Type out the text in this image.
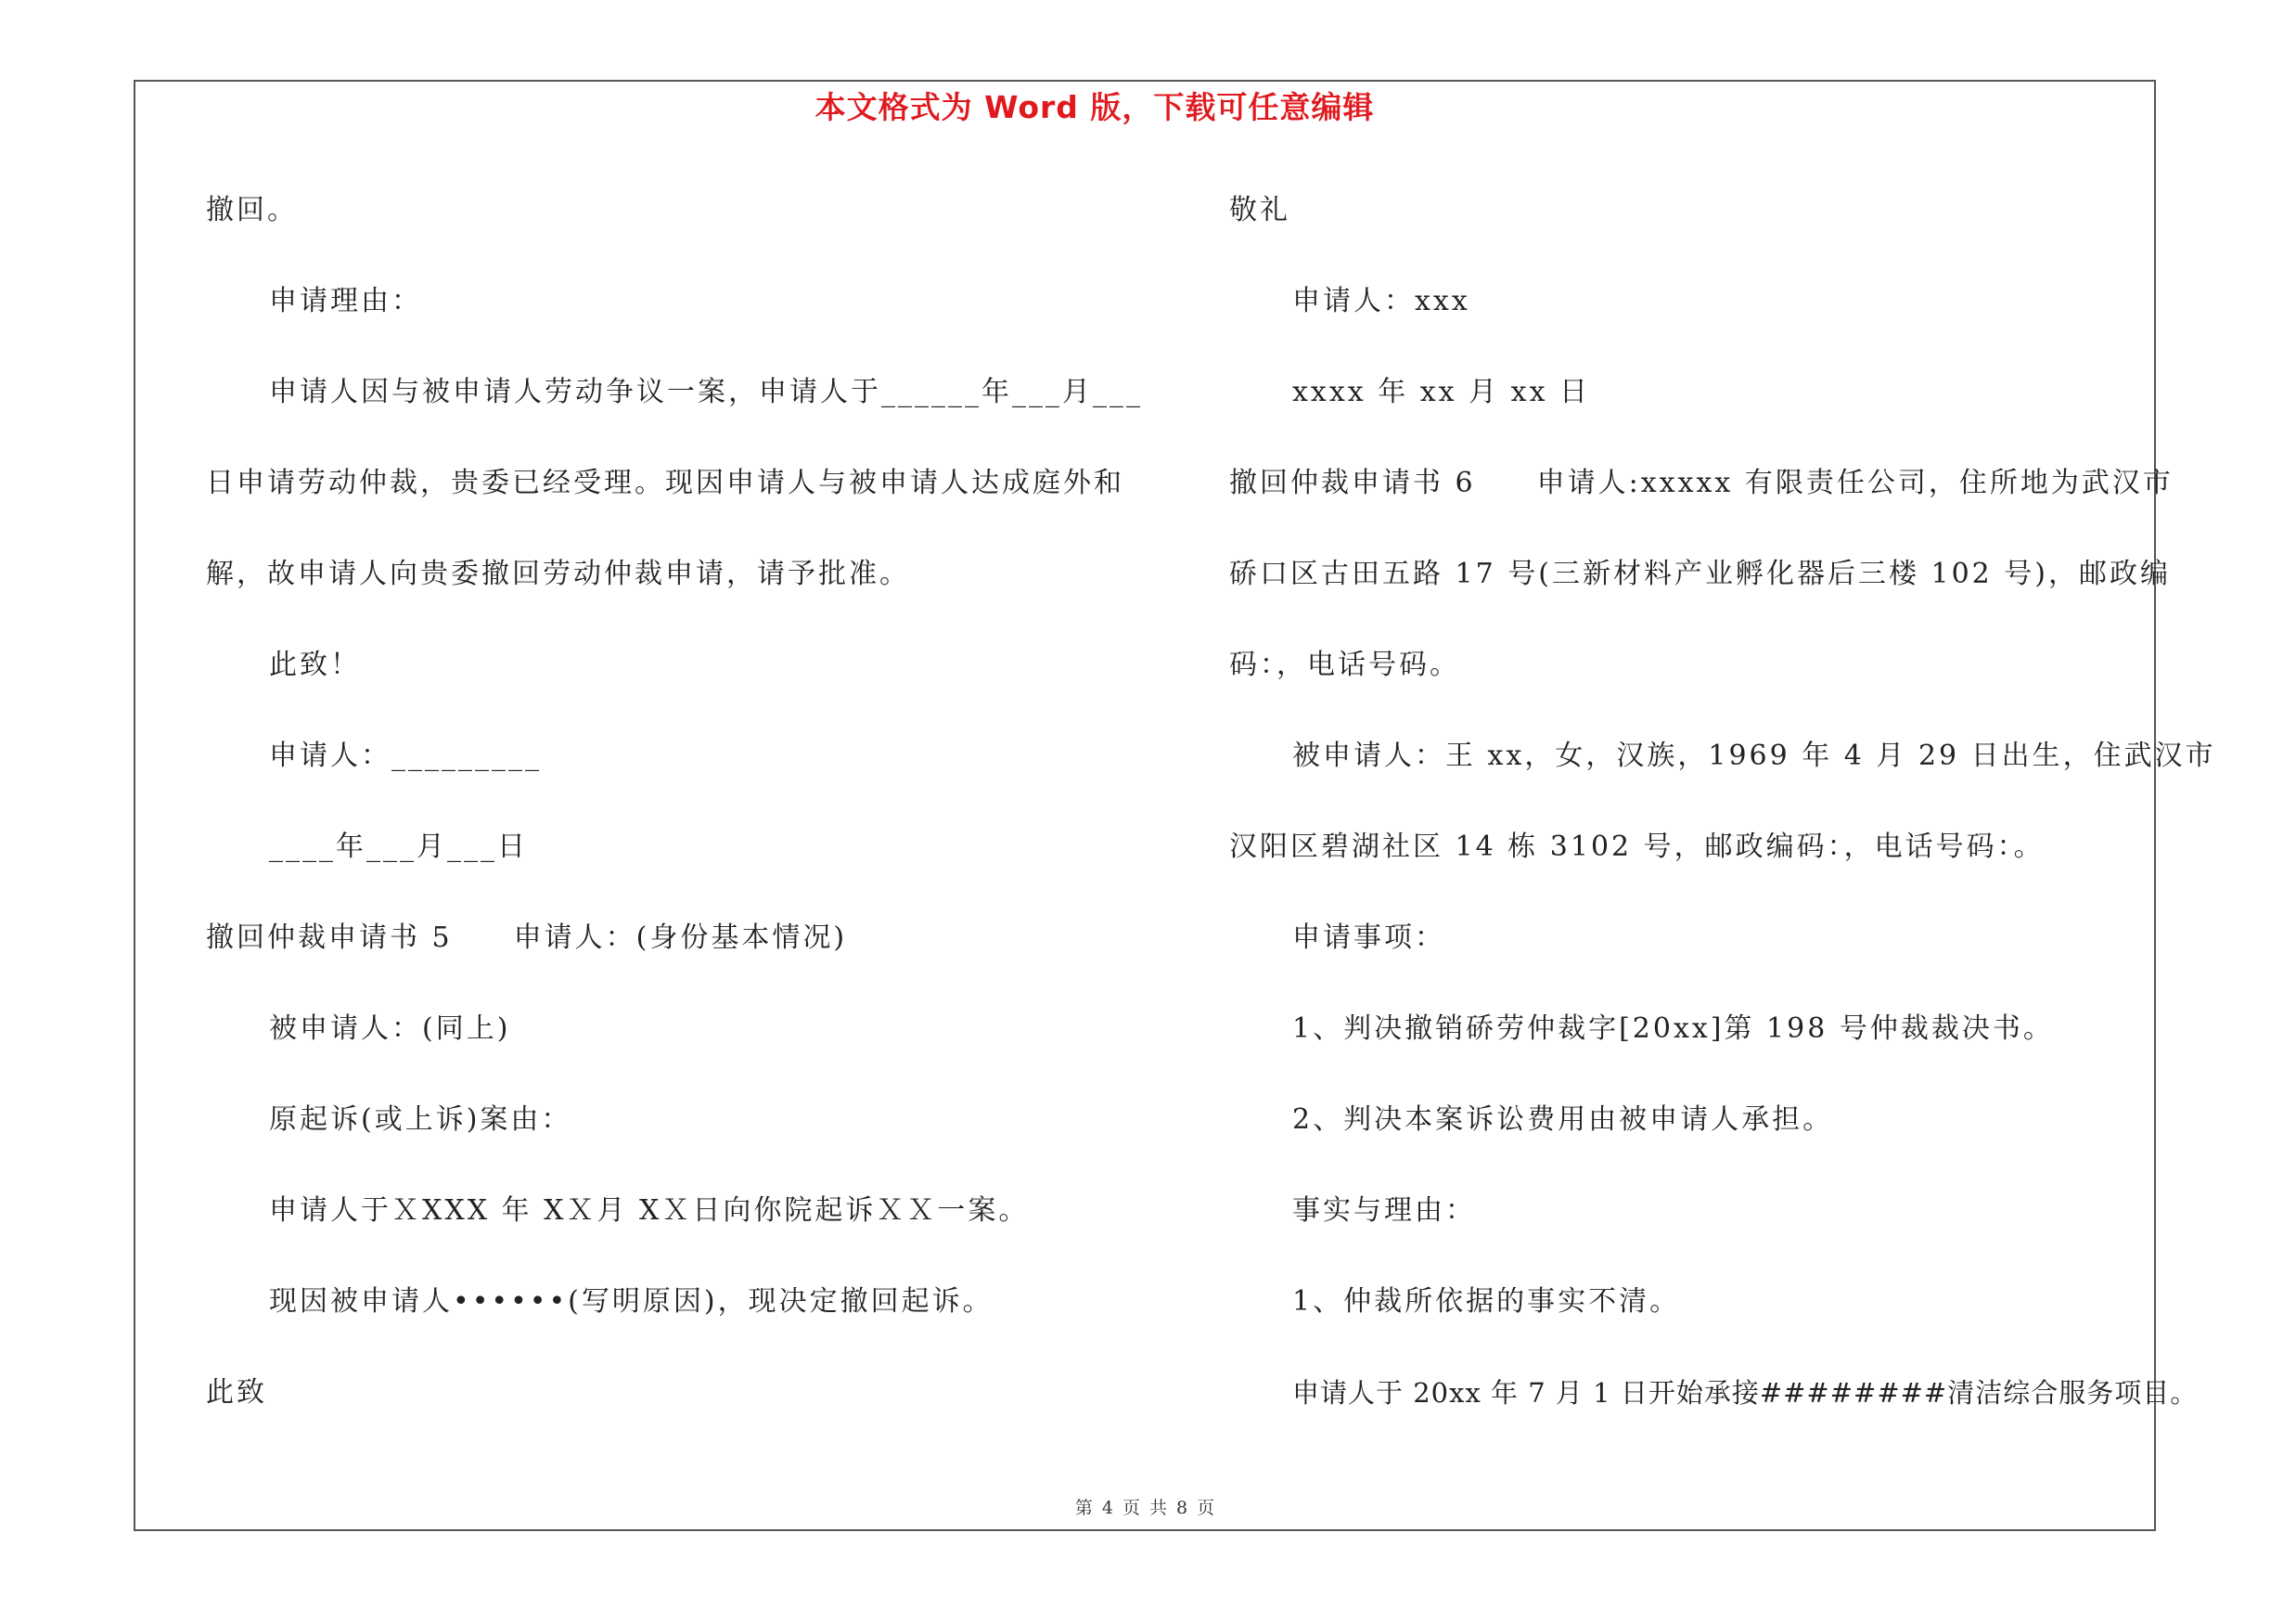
本文格式为 Word 版，下载可任意编辑
撤回。
申请理由：
申请人因与被申请人劳动争议一案，申请人于______年___月___
日申请劳动仲裁，贵委已经受理。现因申请人与被申请人达成庭外和
解，故申请人向贵委撤回劳动仲裁申请，请予批准。
此致！
申请人：_________
____年___月___日
撤回仲裁申请书 5　　申请人：(身份基本情况)
被申请人：(同上)
原起诉(或上诉)案由：
申请人于ＸXXX 年 XＸ月 XＸ日向你院起诉ＸＸ一案。
现因被申请人••••••(写明原因)，现决定撤回起诉。
此致
敬礼
申请人：xxx
xxxx 年 xx 月 xx 日
撤回仲裁申请书 6　　申请人:xxxxx 有限责任公司，住所地为武汉市
硚口区古田五路 17 号(三新材料产业孵化器后三楼 102 号)，邮政编
码：，电话号码。
被申请人：王 xx，女，汉族，1969 年 4 月 29 日出生，住武汉市
汉阳区碧湖社区 14 栋 3102 号，邮政编码：，电话号码：。
申请事项：
1、判决撤销硚劳仲裁字[20xx]第 198 号仲裁裁决书。
2、判决本案诉讼费用由被申请人承担。
事实与理由：
1、仲裁所依据的事实不清。
申请人于 20xx 年 7 月 1 日开始承接########清洁综合服务项目。
第 4 页 共 8 页
